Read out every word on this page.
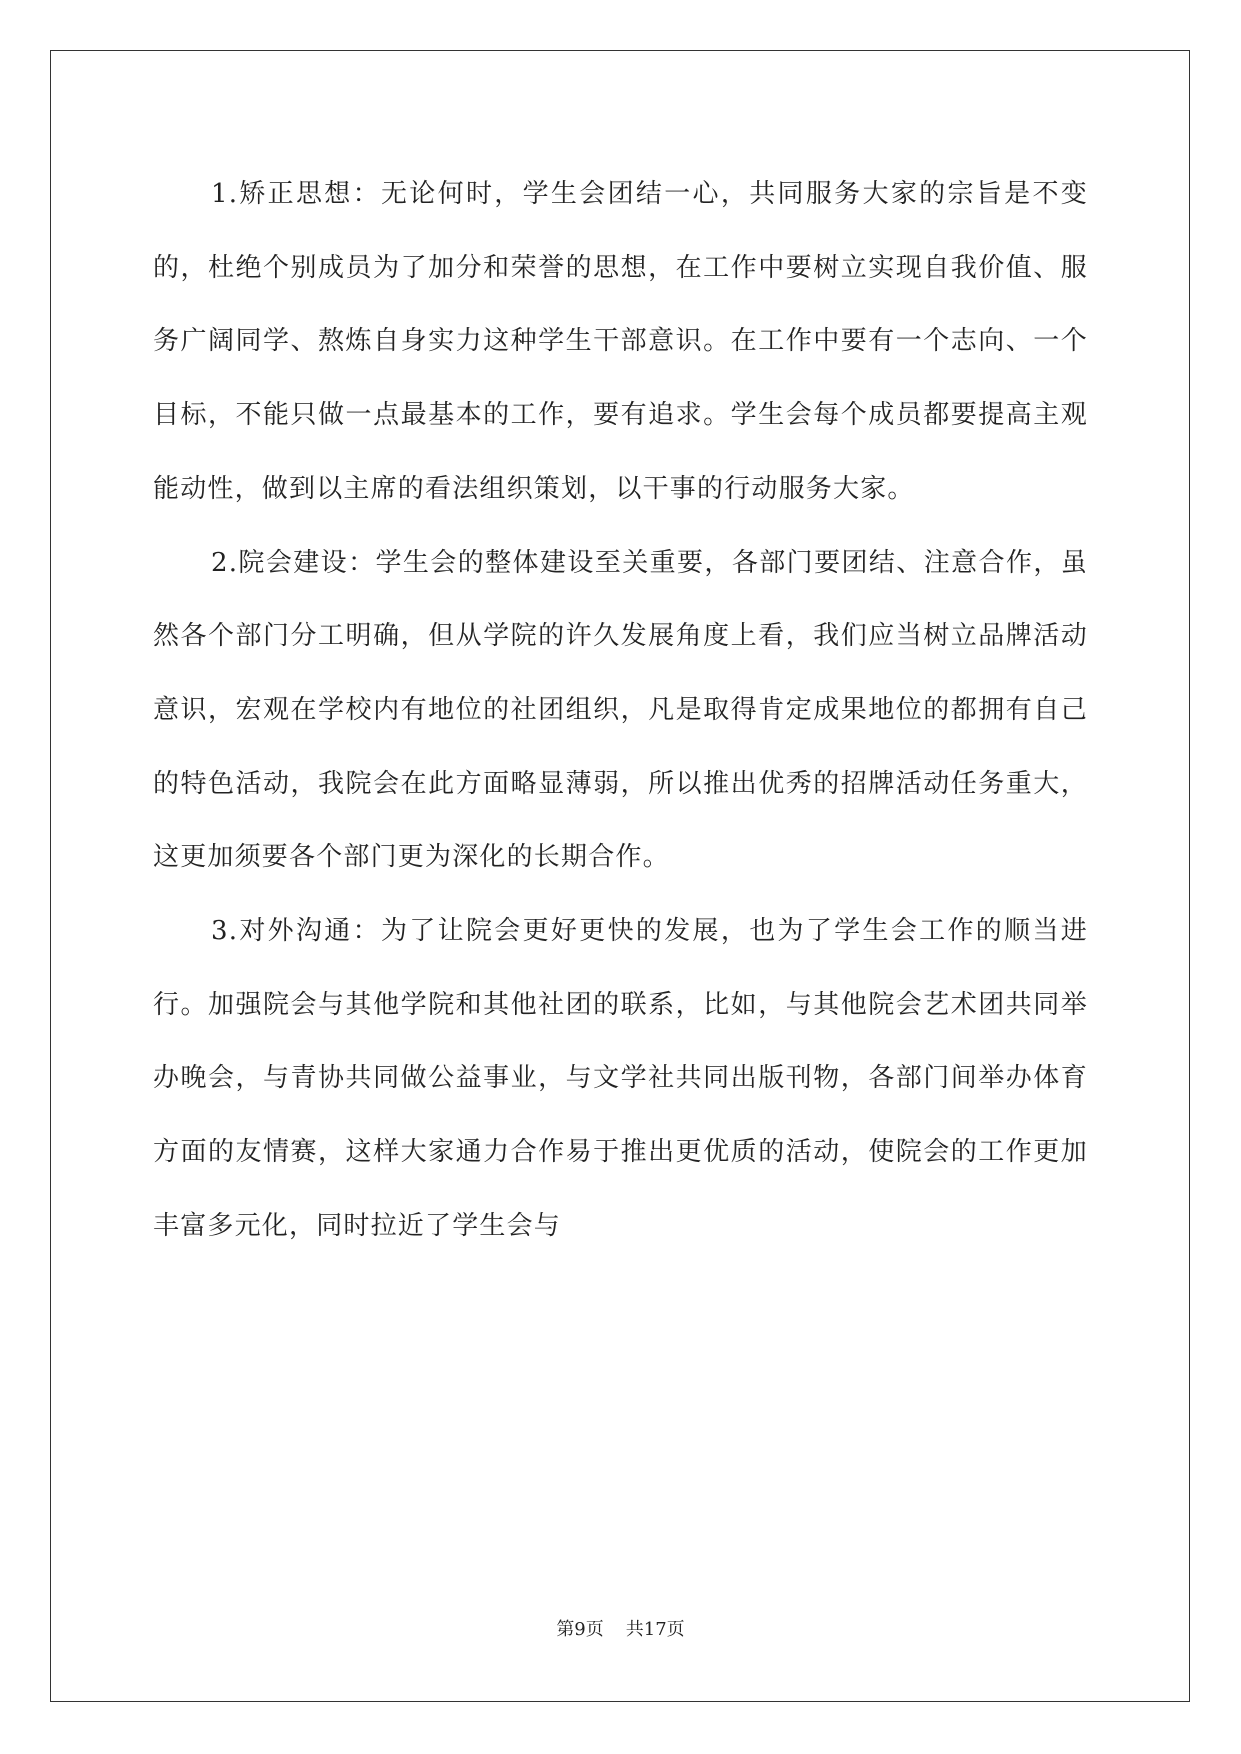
1.矫正思想：无论何时，学生会团结一心，共同服务大家的宗旨是不变的，杜绝个别成员为了加分和荣誉的思想，在工作中要树立实现自我价值、服务广阔同学、熬炼自身实力这种学生干部意识。在工作中要有一个志向、一个目标，不能只做一点最基本的工作，要有追求。学生会每个成员都要提高主观能动性，做到以主席的看法组织策划，以干事的行动服务大家。

2.院会建设：学生会的整体建设至关重要，各部门要团结、注意合作，虽然各个部门分工明确，但从学院的许久发展角度上看，我们应当树立品牌活动意识，宏观在学校内有地位的社团组织，凡是取得肯定成果地位的都拥有自己的特色活动，我院会在此方面略显薄弱，所以推出优秀的招牌活动任务重大，这更加须要各个部门更为深化的长期合作。

3.对外沟通：为了让院会更好更快的发展，也为了学生会工作的顺当进行。加强院会与其他学院和其他社团的联系，比如，与其他院会艺术团共同举办晚会，与青协共同做公益事业，与文学社共同出版刊物，各部门间举办体育方面的友情赛，这样大家通力合作易于推出更优质的活动，使院会的工作更加丰富多元化，同时拉近了学生会与

第9页 共17页
